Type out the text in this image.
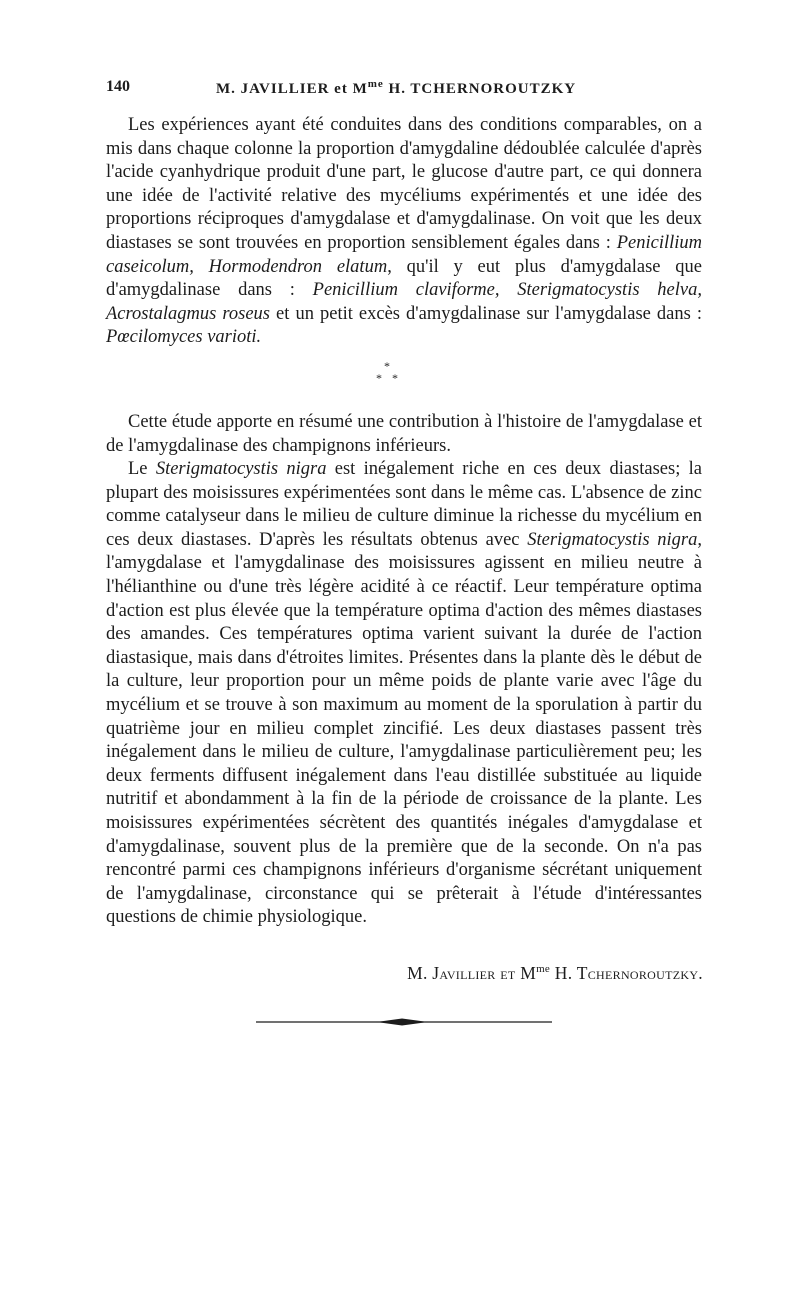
140	M. JAVILLIER et $M^{me}$ H. TCHERNOROUTZKY

Les expériences ayant été conduites dans des conditions comparables, on a mis dans chaque colonne la proportion d'amygdaline dédoublée calculée d'après l'acide cyanhydrique produit d'une part, le glucose d'autre part, ce qui donnera une idée de l'activité relative des mycéliums expérimentés et une idée des proportions réciproques d'amygdalase et d'amygdalinase. On voit que les deux diastases se sont trouvées en proportion sensiblement égales dans : Penicillium caseicolum, Hormodendron elatum, qu'il y eut plus d'amygdalase que d'amygdalinase dans : Penicillium claviforme, Sterigmatocystis helva, Acrostalagmus roseus et un petit excès d'amygdalinase sur l'amygdalase dans : Pœcilomyces varioti.

*
* *

Cette étude apporte en résumé une contribution à l'histoire de l'amygdalase et de l'amygdalinase des champignons inférieurs.

Le Sterigmatocystis nigra est inégalement riche en ces deux diastases; la plupart des moisissures expérimentées sont dans le même cas. L'absence de zinc comme catalyseur dans le milieu de culture diminue la richesse du mycélium en ces deux diastases. D'après les résultats obtenus avec Sterigmatocystis nigra, l'amygdalase et l'amygdalinase des moisissures agissent en milieu neutre à l'hélianthine ou d'une très légère acidité à ce réactif. Leur température optima d'action est plus élevée que la température optima d'action des mêmes diastases des amandes. Ces températures optima varient suivant la durée de l'action diastasique, mais dans d'étroites limites. Présentes dans la plante dès le début de la culture, leur proportion pour un même poids de plante varie avec l'âge du mycélium et se trouve à son maximum au moment de la sporulation à partir du quatrième jour en milieu complet zincifié. Les deux diastases passent très inégalement dans le milieu de culture, l'amygdalinase particulièrement peu; les deux ferments diffusent inégalement dans l'eau distillée substituée au liquide nutritif et abondamment à la fin de la période de croissance de la plante. Les moisissures expérimentées sécrètent des quantités inégales d'amygdalase et d'amygdalinase, souvent plus de la première que de la seconde. On n'a pas rencontré parmi ces champignons inférieurs d'organisme sécrétant uniquement de l'amygdalinase, circonstance qui se prêterait à l'étude d'intéressantes questions de chimie physiologique.

M. Javillier et $M^{me}$ H. Tchernoroutzky.
